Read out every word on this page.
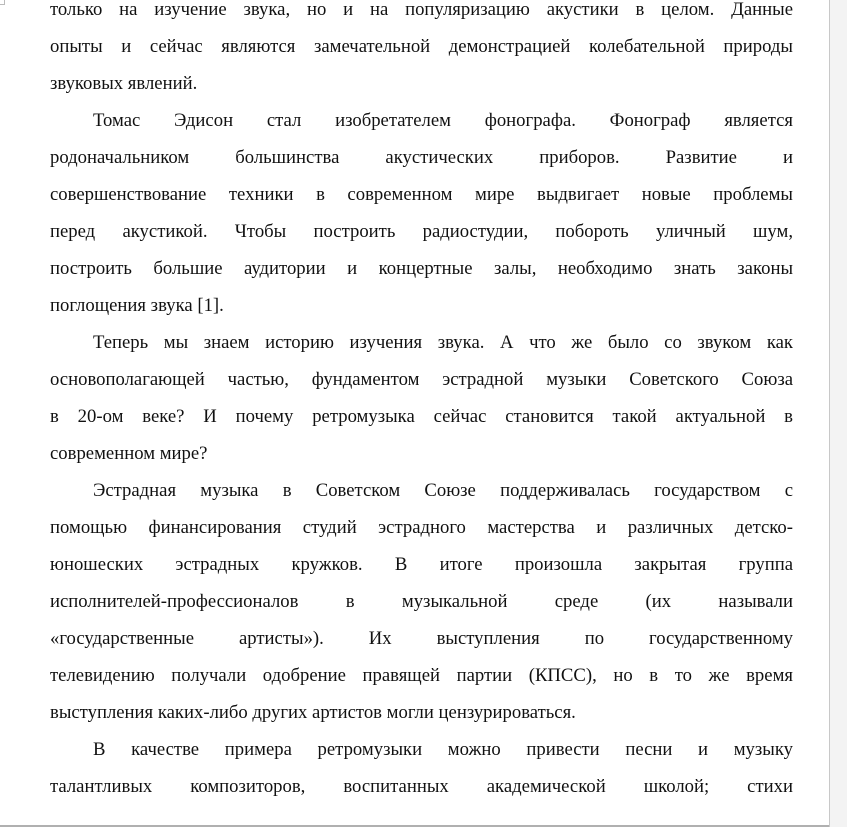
только на изучение звука, но и на популяризацию акустики в целом. Данные
опыты и сейчас являются замечательной демонстрацией колебательной природы
звуковых явлений.
Томас Эдисон стал изобретателем фонографа. Фонограф является
родоначальником большинства акустических приборов. Развитие и
совершенствование техники в современном мире выдвигает новые проблемы
перед акустикой. Чтобы построить радиостудии, побороть уличный шум,
построить большие аудитории и концертные залы, необходимо знать законы
поглощения звука [1].
Теперь мы знаем историю изучения звука. А что же было со звуком как
основополагающей частью, фундаментом эстрадной музыки Советского Союза
в 20-ом веке? И почему ретромузыка сейчас становится такой актуальной в
современном мире?
Эстрадная музыка в Советском Союзе поддерживалась государством с
помощью финансирования студий эстрадного мастерства и различных детско-
юношеских эстрадных кружков. В итоге произошла закрытая группа
исполнителей-профессионалов в музыкальной среде (их называли
«государственные артисты»). Их выступления по государственному
телевидению получали одобрение правящей партии (КПСС), но в то же время
выступления каких-либо других артистов могли цензурироваться.
В качестве примера ретромузыки можно привести песни и музыку
талантливых композиторов, воспитанных академической школой; стихи
